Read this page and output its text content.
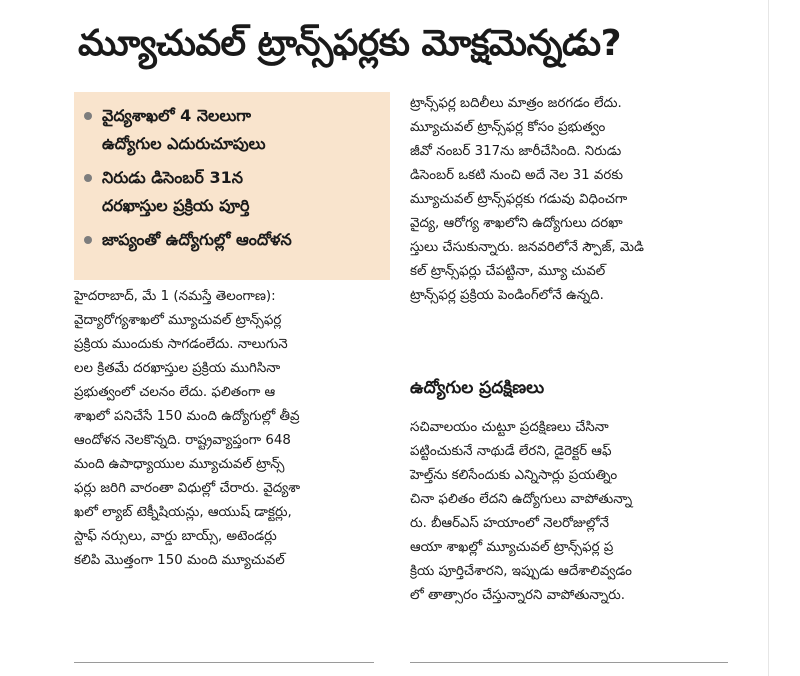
మ్యూచువల్ ట్రాన్స్‌ఫర్లకు మోక్షమెన్నడు?
వైద్యశాఖలో 4 నెలలుగా
ఉద్యోగుల ఎదురుచూపులు
నిరుడు డిసెంబర్ 31న
దరఖాస్తుల ప్రక్రియ పూర్తి
జాప్యంతో ఉద్యోగుల్లో ఆందోళన

హైదరాబాద్, మే 1 (నమస్తే తెలంగాణ):

వైద్యారోగ్యశాఖలో మ్యూచువల్ ట్రాన్స్‌ఫర్ల

ప్రక్రియ ముందుకు సాగడంలేదు. నాలుగునె

లల క్రితమే దరఖాస్తుల ప్రక్రియ ముగిసినా

ప్రభుత్వంలో చలనం లేదు. ఫలితంగా ఆ

శాఖలో పనిచేసే 150 మంది ఉద్యోగుల్లో తీవ్ర

ఆందోళన నెలకొన్నది. రాష్ట్రవ్యాప్తంగా 648

మంది ఉపాధ్యాయుల మ్యూచువల్ ట్రాన్స్

ఫర్లు జరిగి వారంతా విధుల్లో చేరారు. వైద్యశా

ఖలో ల్యాబ్ టెక్నీషియన్లు, ఆయుష్ డాక్టర్లు,

స్టాఫ్ నర్సులు, వార్డు బాయ్స్, అటెండర్లు

కలిపి మొత్తంగా 150 మంది మ్యూచువల్

ట్రాన్స్‌ఫర్ల బదిలీలు మాత్రం జరగడం లేదు.

మ్యూచువల్ ట్రాన్స్‌ఫర్ల కోసం ప్రభుత్వం

జీవో నంబర్ 317ను జారీచేసింది. నిరుడు

డిసెంబర్ ఒకటి నుంచి అదే నెల 31 వరకు

మ్యూచువల్ ట్రాన్స్‌ఫర్లకు గడువు విధించగా

వైద్య, ఆరోగ్య శాఖలోని ఉద్యోగులు దరఖా

స్తులు చేసుకున్నారు. జనవరిలోనే స్పౌజ్, మెడి

కల్ ట్రాన్స్‌ఫర్లు చేపట్టినా, మ్యూ చువల్

ట్రాన్స్‌ఫర్ల ప్రక్రియ పెండింగ్‌లోనే ఉన్నది.

ఉద్యోగుల ప్రదక్షిణలు

సచివాలయం చుట్టూ ప్రదక్షిణలు చేసినా

పట్టించుకునే నాథుడే లేరని, డైరెక్టర్ ఆఫ్

హెల్త్‌ను కలిసేందుకు ఎన్నిసార్లు ప్రయత్నిం

చినా ఫలితం లేదని ఉద్యోగులు వాపోతున్నా

రు. బీఆర్‌ఎస్ హయాంలో నెలరోజుల్లోనే

ఆయా శాఖల్లో మ్యూచువల్ ట్రాన్స్‌ఫర్ల ప్ర

క్రియ పూర్తిచేశారని, ఇప్పుడు ఆదేశాలివ్వడం

లో తాత్సారం చేస్తున్నారని వాపోతున్నారు.
